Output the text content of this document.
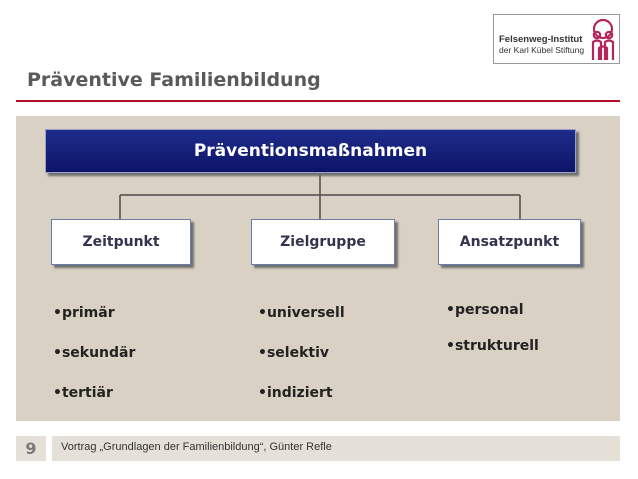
Felsenweg-Institut
der Karl Kübel Stiftung
Präventive Familienbildung
Präventionsmaßnahmen
Zeitpunkt	Zielgruppe	Ansatzpunkt
• primär
• sekundär
• tertiär
• universell
• selektiv
• indiziert
• personal
• strukturell
9	Vortrag „Grundlagen der Familienbildung“, Günter Refle
